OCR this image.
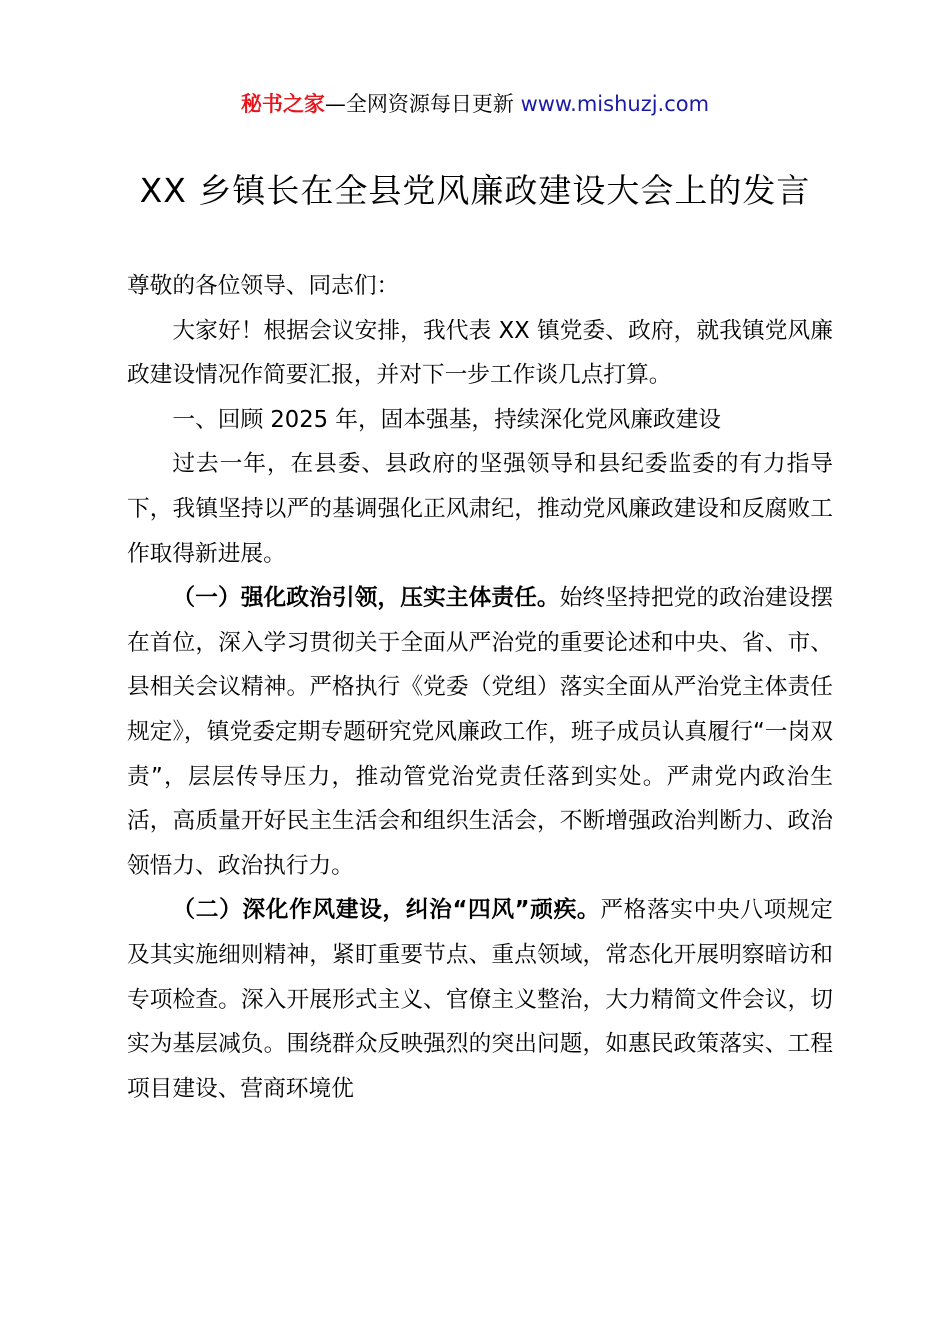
秘书之家—全网资源每日更新 www.mishuzj.com
XX 乡镇长在全县党风廉政建设大会上的发言

尊敬的各位领导、同志们：

大家好！根据会议安排，我代表 XX 镇党委、政府，就我镇党风廉政建设情况作简要汇报，并对下一步工作谈几点打算。

一、回顾 2025 年，固本强基，持续深化党风廉政建设

过去一年，在县委、县政府的坚强领导和县纪委监委的有力指导下，我镇坚持以严的基调强化正风肃纪，推动党风廉政建设和反腐败工作取得新进展。

（一）强化政治引领，压实主体责任。始终坚持把党的政治建设摆在首位，深入学习贯彻关于全面从严治党的重要论述和中央、省、市、县相关会议精神。严格执行《党委（党组）落实全面从严治党主体责任规定》，镇党委定期专题研究党风廉政工作，班子成员认真履行“一岗双责”，层层传导压力，推动管党治党责任落到实处。严肃党内政治生活，高质量开好民主生活会和组织生活会，不断增强政治判断力、政治领悟力、政治执行力。

（二）深化作风建设，纠治“四风”顽疾。严格落实中央八项规定及其实施细则精神，紧盯重要节点、重点领域，常态化开展明察暗访和专项检查。深入开展形式主义、官僚主义整治，大力精简文件会议，切实为基层减负。围绕群众反映强烈的突出问题，如惠民政策落实、工程项目建设、营商环境优
